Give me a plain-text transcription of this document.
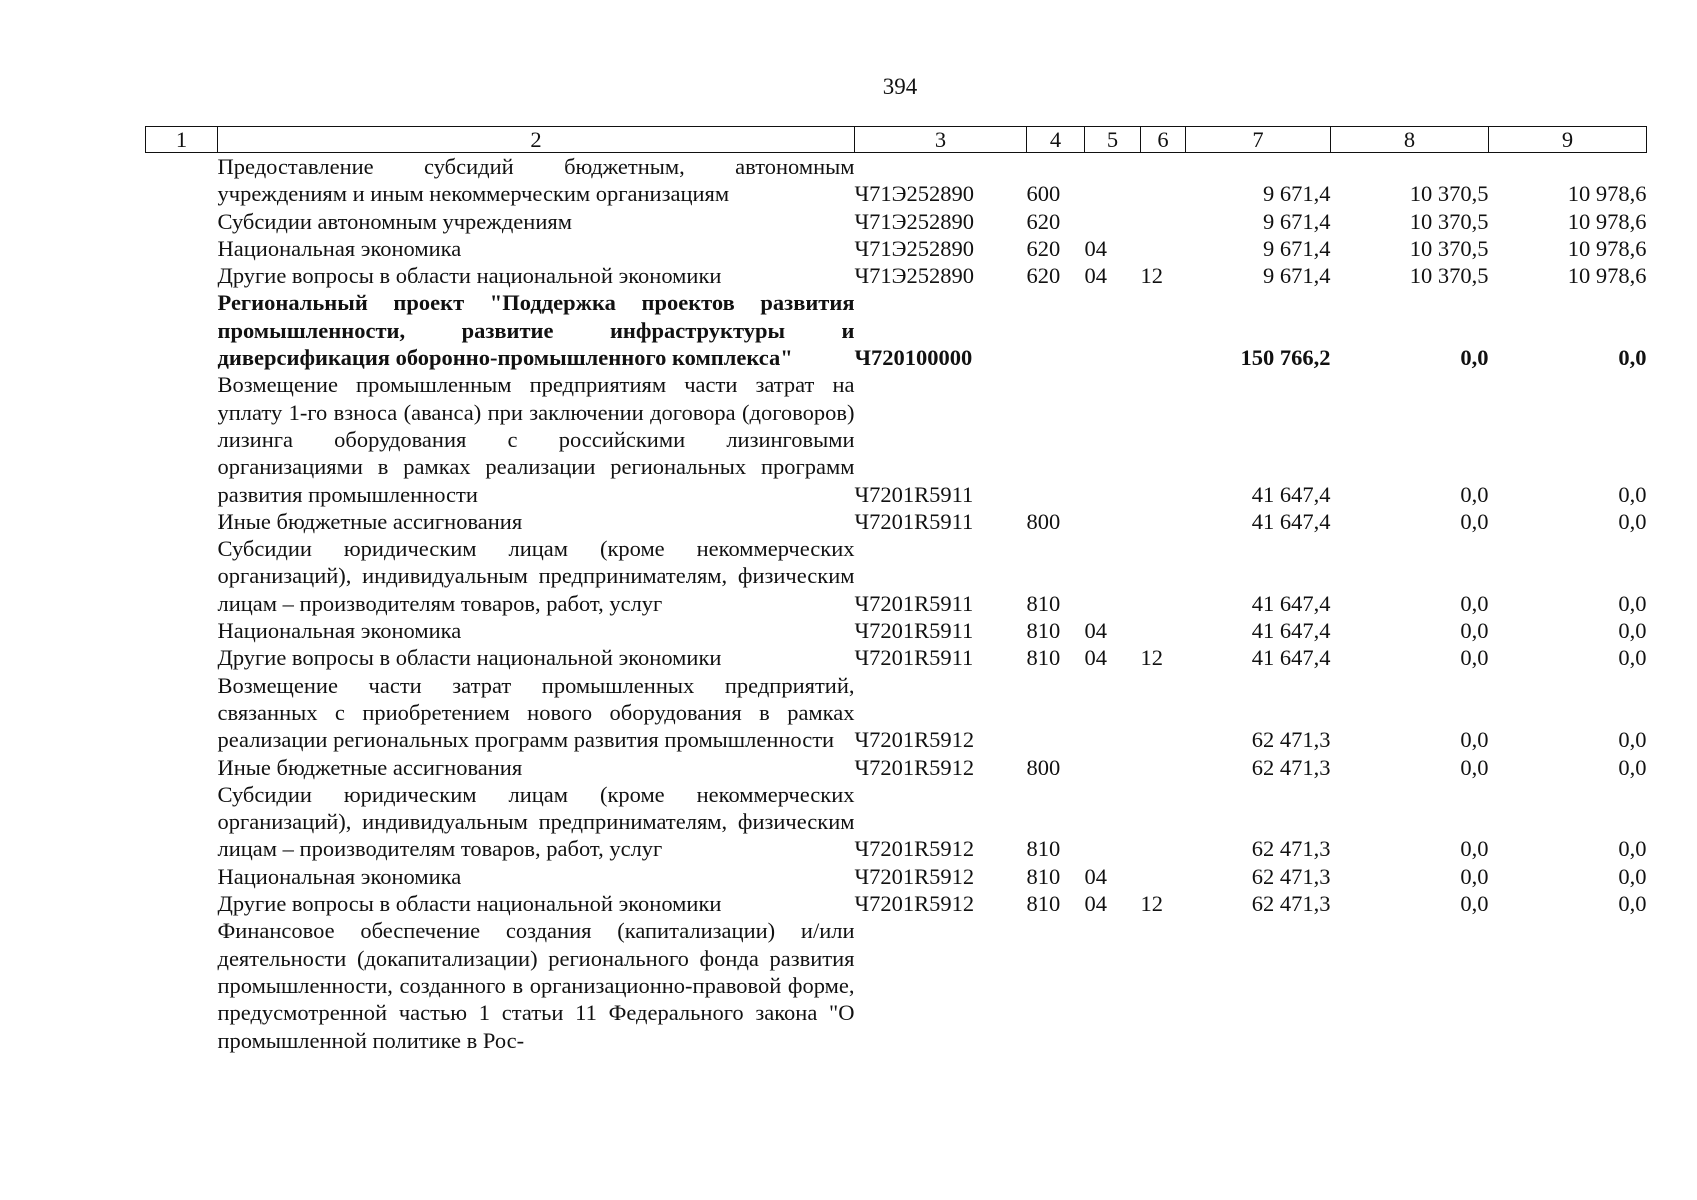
394
1	2	3	4	5	6	7	8	9
	Предоставление субсидий бюджетным, автономным учреждениям и иным некоммерческим организациям	Ч71Э252890	600			9 671,4	10 370,5	10 978,6
	Субсидии автономным учреждениям	Ч71Э252890	620			9 671,4	10 370,5	10 978,6
	Национальная экономика	Ч71Э252890	620	04		9 671,4	10 370,5	10 978,6
	Другие вопросы в области национальной экономики	Ч71Э252890	620	04	12	9 671,4	10 370,5	10 978,6
	Региональный проект "Поддержка проектов развития промышленности, развитие инфраструктуры и диверсификация оборонно-промышленного комплекса"	Ч720100000				150 766,2	0,0	0,0
	Возмещение промышленным предприятиям части затрат на уплату 1-го взноса (аванса) при заключении договора (договоров) лизинга оборудования с российскими лизинговыми организациями в рамках реализации региональных программ развития промышленности	Ч7201R5911				41 647,4	0,0	0,0
	Иные бюджетные ассигнования	Ч7201R5911	800			41 647,4	0,0	0,0
	Субсидии юридическим лицам (кроме некоммерческих организаций), индивидуальным предпринимателям, физическим лицам – производителям товаров, работ, услуг	Ч7201R5911	810			41 647,4	0,0	0,0
	Национальная экономика	Ч7201R5911	810	04		41 647,4	0,0	0,0
	Другие вопросы в области национальной экономики	Ч7201R5911	810	04	12	41 647,4	0,0	0,0
	Возмещение части затрат промышленных предприятий, связанных с приобретением нового оборудования в рамках реализации региональных программ развития промышленности	Ч7201R5912				62 471,3	0,0	0,0
	Иные бюджетные ассигнования	Ч7201R5912	800			62 471,3	0,0	0,0
	Субсидии юридическим лицам (кроме некоммерческих организаций), индивидуальным предпринимателям, физическим лицам – производителям товаров, работ, услуг	Ч7201R5912	810			62 471,3	0,0	0,0
	Национальная экономика	Ч7201R5912	810	04		62 471,3	0,0	0,0
	Другие вопросы в области национальной экономики	Ч7201R5912	810	04	12	62 471,3	0,0	0,0
	Финансовое обеспечение создания (капитализации) и/или деятельности (докапитализации) регионального фонда развития промышленности, созданного в организационно-правовой форме, предусмотренной частью 1 статьи 11 Федерального закона "О промышленной политике в Рос-							
